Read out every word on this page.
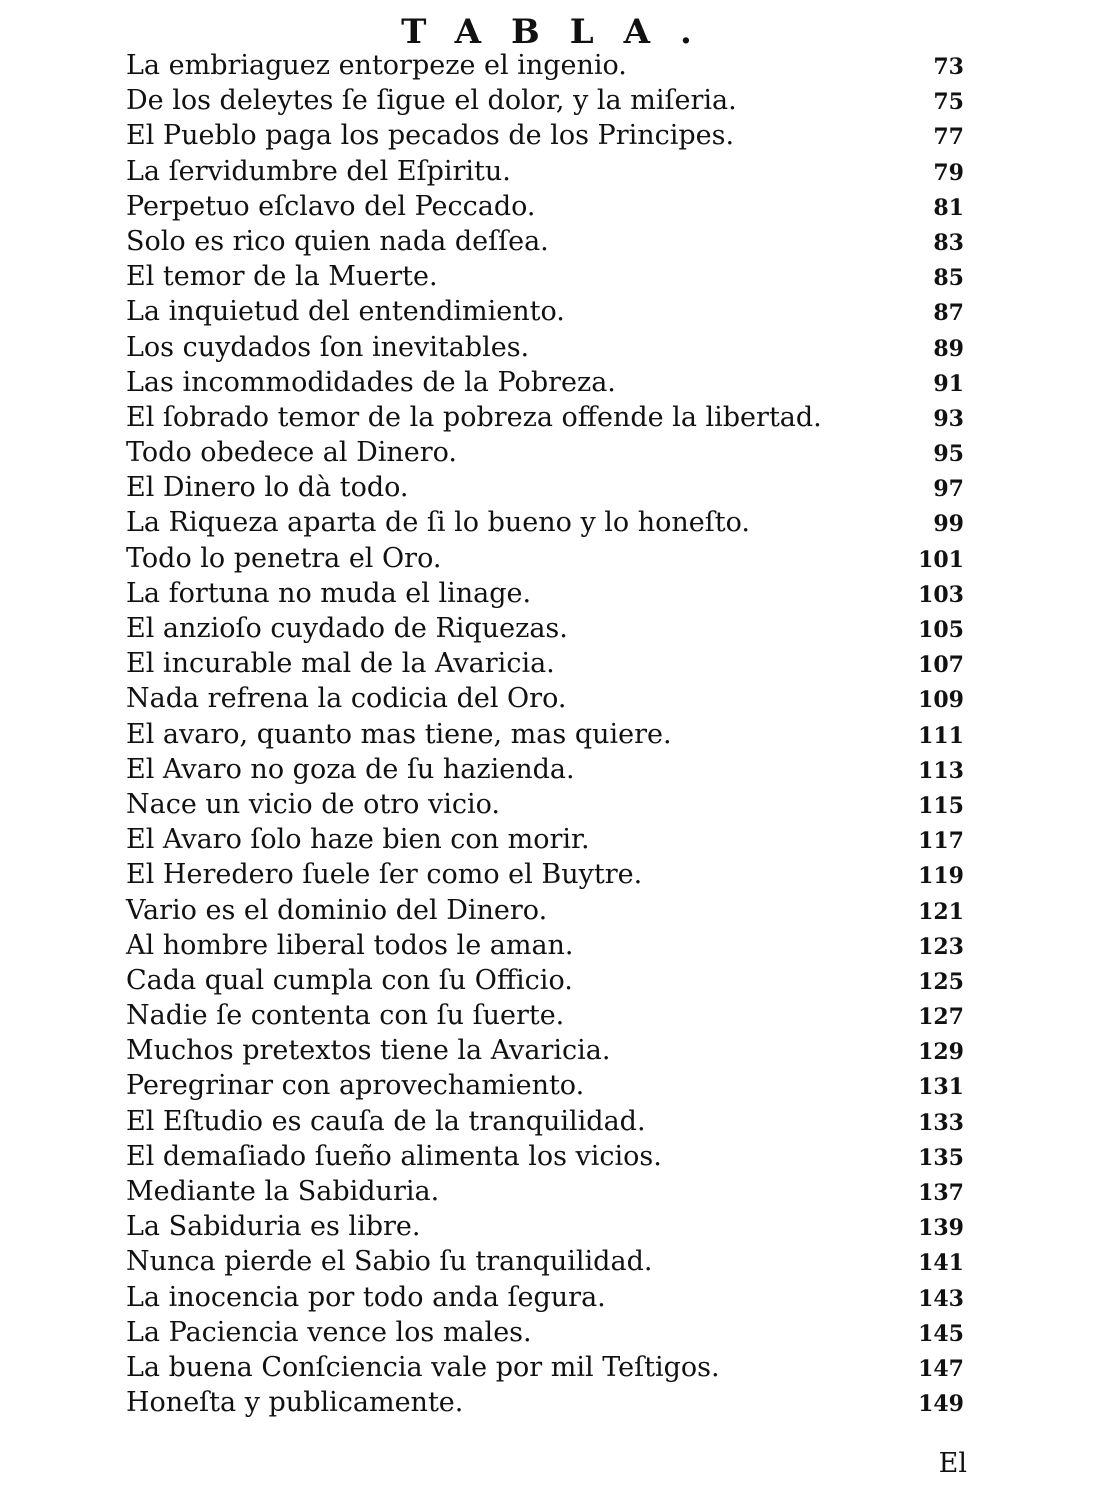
TABLA.
La embriaguez entorpeze el ingenio.	73
De los deleytes ſe ſigue el dolor, y la miſeria.	75
El Pueblo paga los pecados de los Principes.	77
La ſervidumbre del Eſpiritu.	79
Perpetuo eſclavo del Peccado.	81
Solo es rico quien nada deſſea.	83
El temor de la Muerte.	85
La inquietud del entendimiento.	87
Los cuydados ſon inevitables.	89
Las incommodidades de la Pobreza.	91
El ſobrado temor de la pobreza offende la libertad.	93
Todo obedece al Dinero.	95
El Dinero lo dà todo.	97
La Riqueza aparta de ſi lo bueno y lo honeſto.	99
Todo lo penetra el Oro.	101
La fortuna no muda el linage.	103
El anzioſo cuydado de Riquezas.	105
El incurable mal de la Avaricia.	107
Nada refrena la codicia del Oro.	109
El avaro, quanto mas tiene, mas quiere.	111
El Avaro no goza de ſu hazienda.	113
Nace un vicio de otro vicio.	115
El Avaro ſolo haze bien con morir.	117
El Heredero ſuele ſer como el Buytre.	119
Vario es el dominio del Dinero.	121
Al hombre liberal todos le aman.	123
Cada qual cumpla con ſu Officio.	125
Nadie ſe contenta con ſu ſuerte.	127
Muchos pretextos tiene la Avaricia.	129
Peregrinar con aprovechamiento.	131
El Eſtudio es cauſa de la tranquilidad.	133
El demaſiado ſueño alimenta los vicios.	135
Mediante la Sabiduria.	137
La Sabiduria es libre.	139
Nunca pierde el Sabio ſu tranquilidad.	141
La inocencia por todo anda ſegura.	143
La Paciencia vence los males.	145
La buena Conſciencia vale por mil Teſtigos.	147
Honeſta y publicamente.	149
El
